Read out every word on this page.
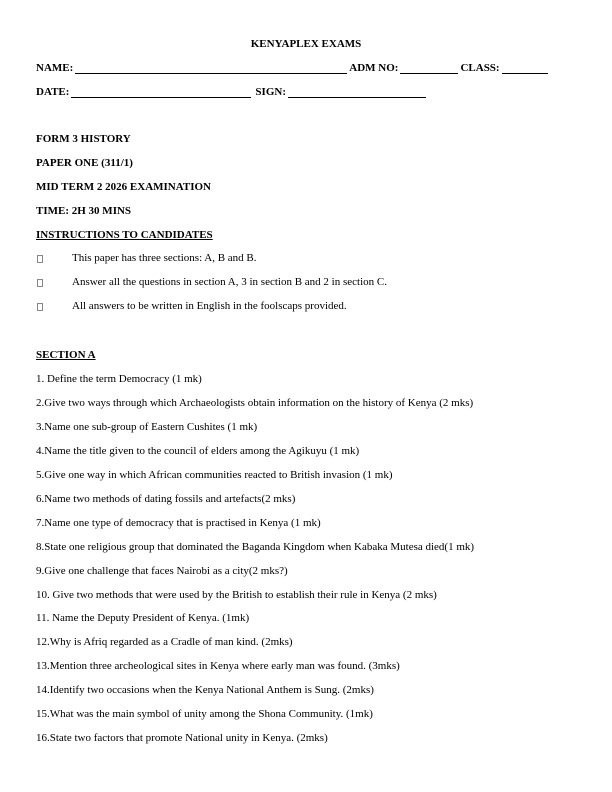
KENYAPLEX EXAMS
NAME:	ADM NO:	CLASS:
DATE:	SIGN:
FORM 3 HISTORY
PAPER ONE (311/1)
MID TERM 2 2026 EXAMINATION
TIME: 2H 30 MINS
INSTRUCTIONS TO CANDIDATES
This paper has three sections: A, B and B.
Answer all the questions in section A, 3 in section B and 2 in section C.
All answers to be written in English in the foolscaps provided.
SECTION A
1. Define the term Democracy (1 mk)
2.Give two ways through which Archaeologists obtain information on the history of Kenya (2 mks)
3.Name one sub-group of Eastern Cushites (1 mk)
4.Name the title given to the council of elders among the Agikuyu (1 mk)
5.Give one way in which African communities reacted to British invasion (1 mk)
6.Name two methods of dating fossils and artefacts(2 mks)
7.Name one type of democracy that is practised in Kenya (1 mk)
8.State one religious group that dominated the Baganda Kingdom when Kabaka Mutesa died(1 mk)
9.Give one challenge that faces Nairobi as a city(2 mks?)
10. Give two methods that were used by the British to establish their rule in Kenya (2 mks)
11. Name the Deputy President of Kenya. (1mk)
12.Why is Afriq regarded as a Cradle of man kind. (2mks)
13.Mention three archeological sites in Kenya where early man was found. (3mks)
14.Identify two occasions when the Kenya National Anthem is Sung. (2mks)
15.What was the main symbol of unity among the Shona Community. (1mk)
16.State two factors that promote National unity in Kenya. (2mks)
